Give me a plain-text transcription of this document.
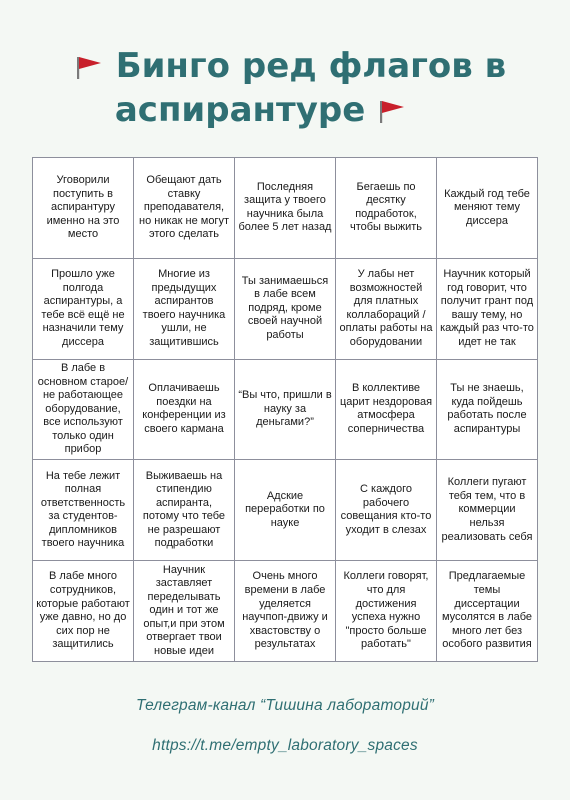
Бинго ред флагов в
аспирантуре
Уговорили поступить в аспирантуру именно на это место
Обещают дать ставку преподавателя, но никак не могут этого сделать
Последняя защита у твоего научника была более 5 лет назад
Бегаешь по десятку подработок, чтобы выжить
Каждый год тебе меняют тему диссера
Прошло уже полгода аспирантуры, а тебе всё ещё не назначили тему диссера
Многие из предыдущих аспирантов твоего научника ушли, не защитившись
Ты занимаешься в лабе всем подряд, кроме своей научной работы
У лабы нет возможностей для платных коллабораций / оплаты работы на оборудовании
Научник который год говорит, что получит грант под вашу тему, но каждый раз что-то идет не так
В лабе в основном старое/ не работающее оборудование, все используют только один прибор
Оплачиваешь поездки на конференции из своего кармана
“Вы что, пришли в науку за деньгами?”
В коллективе царит нездоровая атмосфера соперничества
Ты не знаешь, куда пойдешь работать после аспирантуры
На тебе лежит полная ответственность за студентов-дипломников твоего научника
Выживаешь на стипендию аспиранта, потому что тебе не разрешают подработки
Адские переработки по науке
С каждого рабочего совещания кто-то уходит в слезах
Коллеги пугают тебя тем, что в коммерции нельзя реализовать себя
В лабе много сотрудников, которые работают уже давно, но до сих пор не защитились
Научник заставляет переделывать один и тот же опыт,и при этом отвергает твои новые идеи
Очень много времени в лабе уделяется научпоп-движу и хвастовству о результатах
Коллеги говорят, что для достижения успеха нужно "просто больше работать"
Предлагаемые темы диссертации мусолятся в лабе много лет без особого развития
Телеграм-канал “Тишина лабораторий”
https://t.me/empty_laboratory_spaces
